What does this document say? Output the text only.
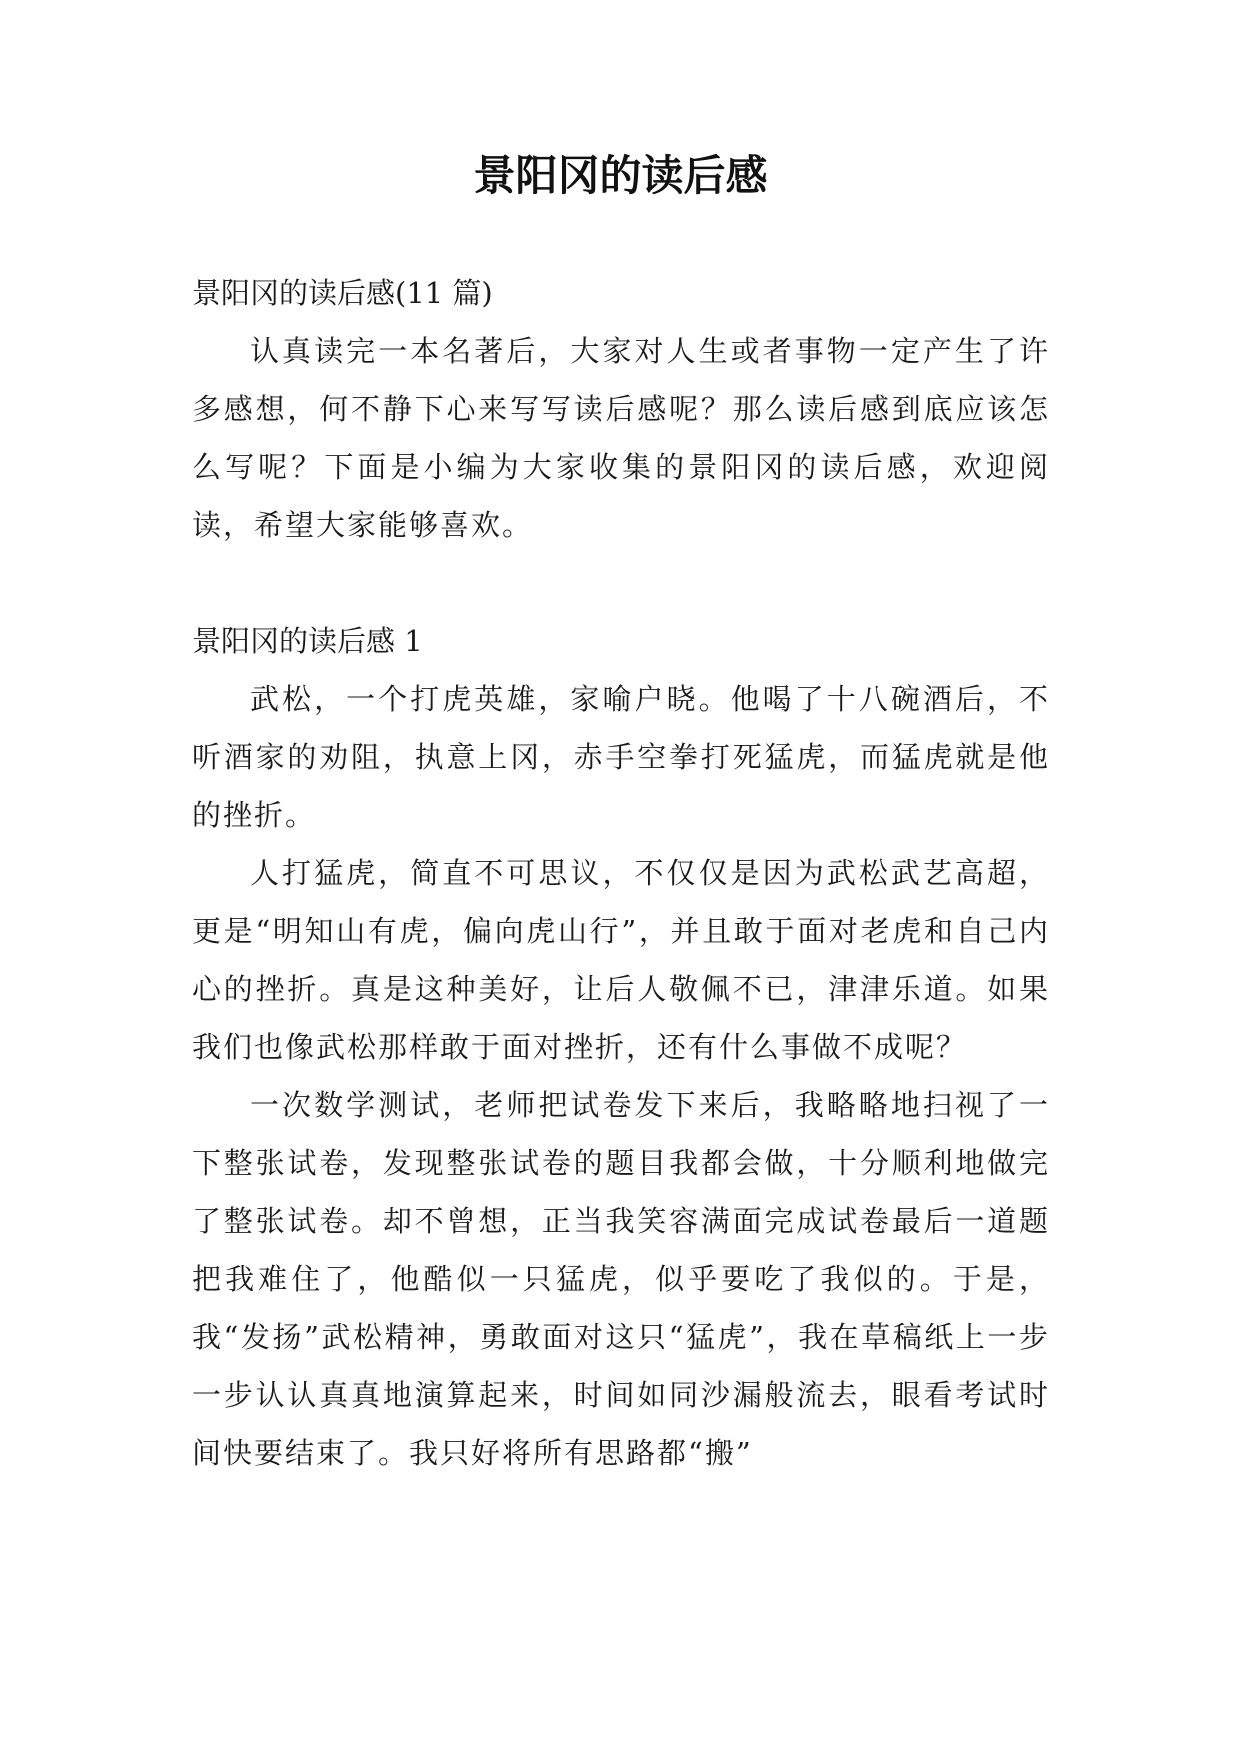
景阳冈的读后感

景阳冈的读后感(11 篇)

认真读完一本名著后，大家对人生或者事物一定产生了许多感想，何不静下心来写写读后感呢？那么读后感到底应该怎么写呢？下面是小编为大家收集的景阳冈的读后感，欢迎阅读，希望大家能够喜欢。

景阳冈的读后感 1

武松，一个打虎英雄，家喻户晓。他喝了十八碗酒后，不听酒家的劝阻，执意上冈，赤手空拳打死猛虎，而猛虎就是他的挫折。

人打猛虎，简直不可思议，不仅仅是因为武松武艺高超，更是“明知山有虎，偏向虎山行”，并且敢于面对老虎和自己内心的挫折。真是这种美好，让后人敬佩不已，津津乐道。如果我们也像武松那样敢于面对挫折，还有什么事做不成呢？

一次数学测试，老师把试卷发下来后，我略略地扫视了一下整张试卷，发现整张试卷的题目我都会做，十分顺利地做完了整张试卷。却不曾想，正当我笑容满面完成试卷最后一道题把我难住了，他酷似一只猛虎，似乎要吃了我似的。于是，我“发扬”武松精神，勇敢面对这只“猛虎”，我在草稿纸上一步一步认认真真地演算起来，时间如同沙漏般流去，眼看考试时间快要结束了。我只好将所有思路都“搬”
